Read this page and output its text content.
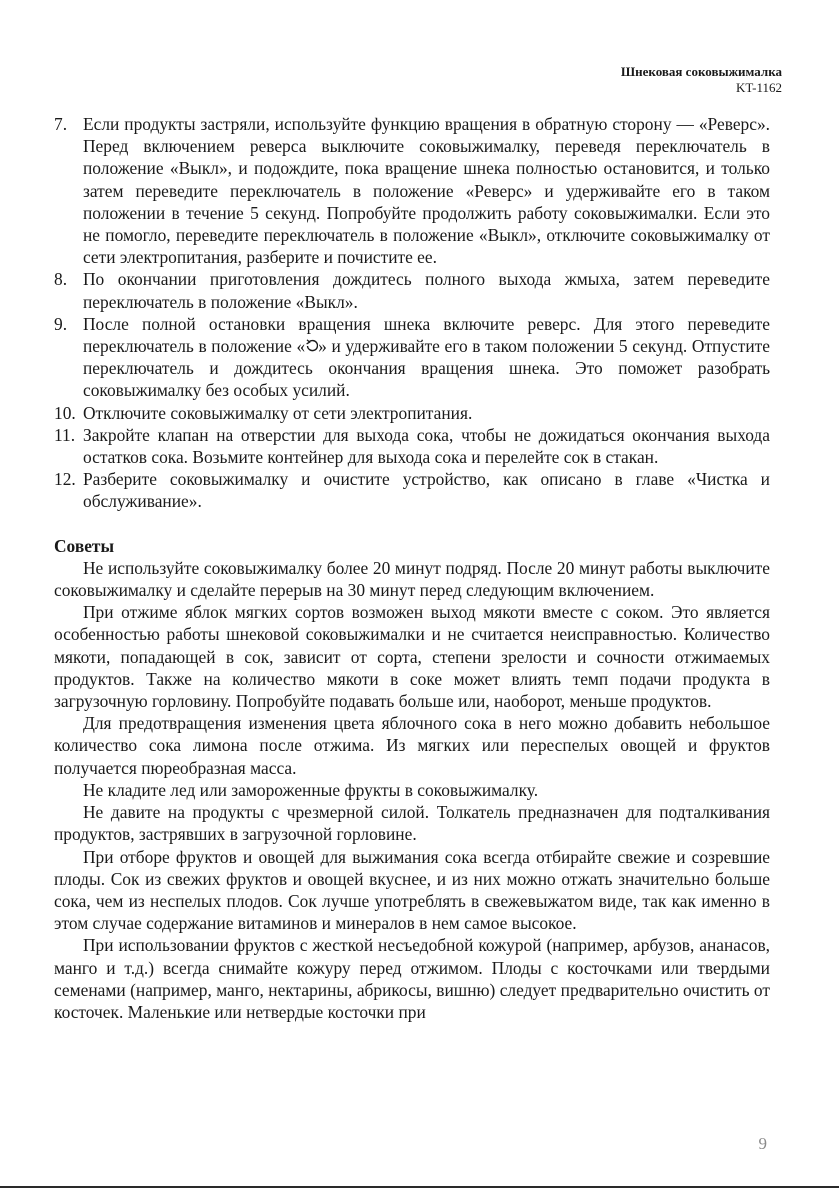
Шнековая соковыжималка
KT-1162
7. Если продукты застряли, используйте функцию вращения в обратную сторону — «Реверс». Перед включением реверса выключите соковыжималку, переведя переключатель в положение «Выкл», и подождите, пока вращение шнека полностью остановится, и только затем переведите переключатель в положение «Реверс» и удерживайте его в таком положении в течение 5 секунд. Попробуйте продолжить работу соковыжималки. Если это не помогло, переведите переключатель в положение «Выкл», отключите соковыжималку от сети электропитания, разберите и почистите ее.
8. По окончании приготовления дождитесь полного выхода жмыха, затем переведите переключатель в положение «Выкл».
9. После полной остановки вращения шнека включите реверс. Для этого переведите переключатель в положение « » и удерживайте его в таком положении 5 секунд. Отпустите переключатель и дождитесь окончания вращения шнека. Это поможет разобрать соковыжималку без особых усилий.
10. Отключите соковыжималку от сети электропитания.
11. Закройте клапан на отверстии для выхода сока, чтобы не дожидаться окончания выхода остатков сока. Возьмите контейнер для выхода сока и перелейте сок в стакан.
12. Разберите соковыжималку и очистите устройство, как описано в главе «Чистка и обслуживание».
Советы

Не используйте соковыжималку более 20 минут подряд. После 20 минут работы выключите соковыжималку и сделайте перерыв на 30 минут перед следующим включением.

При отжиме яблок мягких сортов возможен выход мякоти вместе с соком. Это является особенностью работы шнековой соковыжималки и не считается неисправностью. Количество мякоти, попадающей в сок, зависит от сорта, степени зрелости и сочности отжимаемых продуктов. Также на количество мякоти в соке может влиять темп подачи продукта в загрузочную горловину. Попробуйте подавать больше или, наоборот, меньше продуктов.

Для предотвращения изменения цвета яблочного сока в него можно добавить небольшое количество сока лимона после отжима. Из мягких или переспелых овощей и фруктов получается пюреобразная масса.

Не кладите лед или замороженные фрукты в соковыжималку.

Не давите на продукты с чрезмерной силой. Толкатель предназначен для подталкивания продуктов, застрявших в загрузочной горловине.

При отборе фруктов и овощей для выжимания сока всегда отбирайте свежие и созревшие плоды. Сок из свежих фруктов и овощей вкуснее, и из них можно отжать значительно больше сока, чем из неспелых плодов. Сок лучше употреблять в свежевыжатом виде, так как именно в этом случае содержание витаминов и минералов в нем самое высокое.

При использовании фруктов с жесткой несъедобной кожурой (например, арбузов, ананасов, манго и т.д.) всегда снимайте кожуру перед отжимом. Плоды с косточками или твердыми семенами (например, манго, нектарины, абрикосы, вишню) следует предварительно очистить от косточек. Маленькие или нетвердые косточки при

9
